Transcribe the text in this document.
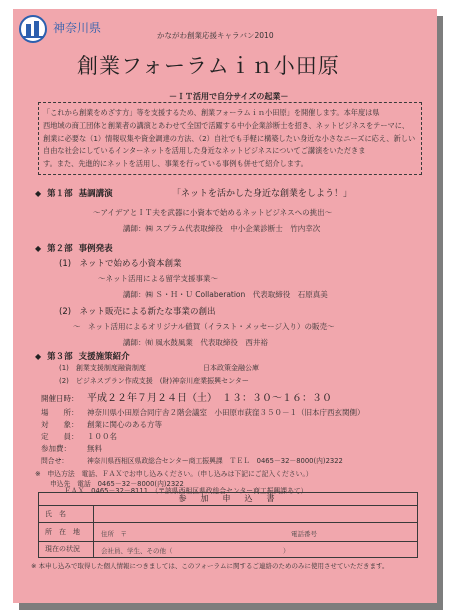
神奈川県
かながわ創業応援キャラバン2010
創業フォーラムｉｎ小田原
－ＩＴ活用で自分サイズの起業－
「これから創業をめざす方」等を支援するため、創業フォーラムｉｎ小田原」を開催します。本年度は県
西地域の商工団体と創業者の講演とあわせて全国で活躍する中小企業診断士を招き、ネットビジネスをテーマに、
創業に必要な（1）情報収集や資金調達の方法、（2）自社でも手軽に構築したい身近な小さなニーズに応え、新しい
自由な社会にしているインターネットを活用した身近なネットビジネスについてご講演をいただきま
す。また、先進的にネットを活用し、事業を行っている事例も併せて紹介します。
◆ 第１部 基調講演	「ネットを活かした身近な創業をしよう！」
～アイデアとＩＴ夫を武器に小資本で始めるネットビジネスへの挑出～
講師：㈱ スプラム代表取締役　中小企業診断士　竹内幸次
◆ 第２部 事例発表
(1)　ネットで始める小資本創業
～ネット活用による留学支援事業～
講師：㈱ Ｓ・Ｈ・Ｕ Collaberation　代表取締役　石原真美
(2)　ネット販売による新たな事業の創出
～　ネット活用によるオリジナル値賀（イラスト・メッセージ入り）の販売～
講師：㈲ 風水鼓風業　代表取締役　西井裕
◆ 第３部 支援施策紹介
(1)　創業支援制度融資制度	日本政策金融公庫
(2)　ビジネスプラン作成支援　(財)神奈川産業振興センター
開催日時： 平成２２年７月２４日（土）　１３：３０～１６：３０
場　　所： 神奈川県小田原合同庁舎２階会議室　小田原市荻窪３５０－１（旧本庁西玄関側）
対　　象： 創業に関心のある方等
定　　員： １００名
参加費： 無料
問合せ：	神奈川県西相区県政総合センター商工振興課　ＴＥＬ　0465－32－8000(内)2322
※　申込方法　電話、ＦＡＸでお申し込みください。（申し込みは下記にご記入ください。）
申込先　電話　0465－32－8000(内)2322
ＦＡＸ　0465－32－8111　（〒該県西相区県政総合センター商工振興課あて）
参　加　申　込　書
氏　名
所　在　地	住所　〒	電話番号
現在の状況	会社員、学生、その他（　　　　　　　　　　　　　　　　　）
※ 本申し込みで取得した個人情報につきましては、このフォーラムに関するご連絡のためのみに使用させていただきます。
